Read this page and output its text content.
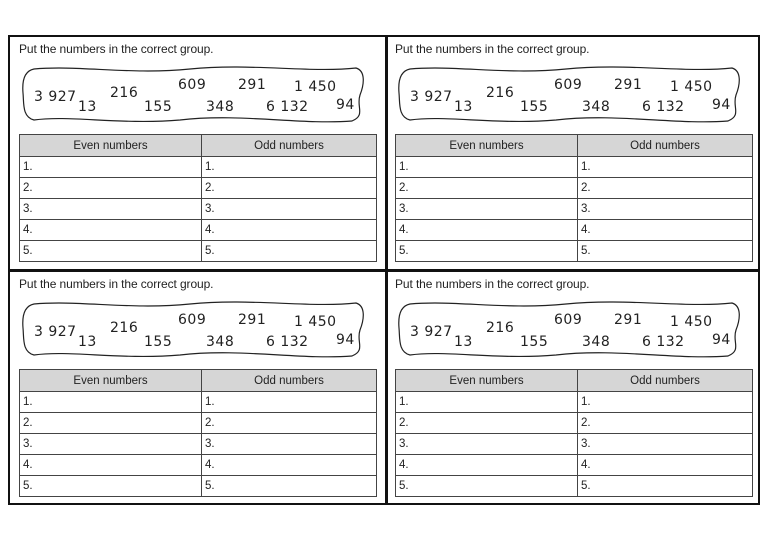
Put the numbers in the correct group.
3 927
13
216
155
609
348
291
6 132
1 450
94
Even numbers	Odd numbers
1.	1.
2.	2.
3.	3.
4.	4.
5.	5.
Put the numbers in the correct group.
3 927
13
216
155
609
348
291
6 132
1 450
94
Even numbers	Odd numbers
1.	1.
2.	2.
3.	3.
4.	4.
5.	5.
Put the numbers in the correct group.
3 927
13
216
155
609
348
291
6 132
1 450
94
Even numbers	Odd numbers
1.	1.
2.	2.
3.	3.
4.	4.
5.	5.
Put the numbers in the correct group.
3 927
13
216
155
609
348
291
6 132
1 450
94
Even numbers	Odd numbers
1.	1.
2.	2.
3.	3.
4.	4.
5.	5.
